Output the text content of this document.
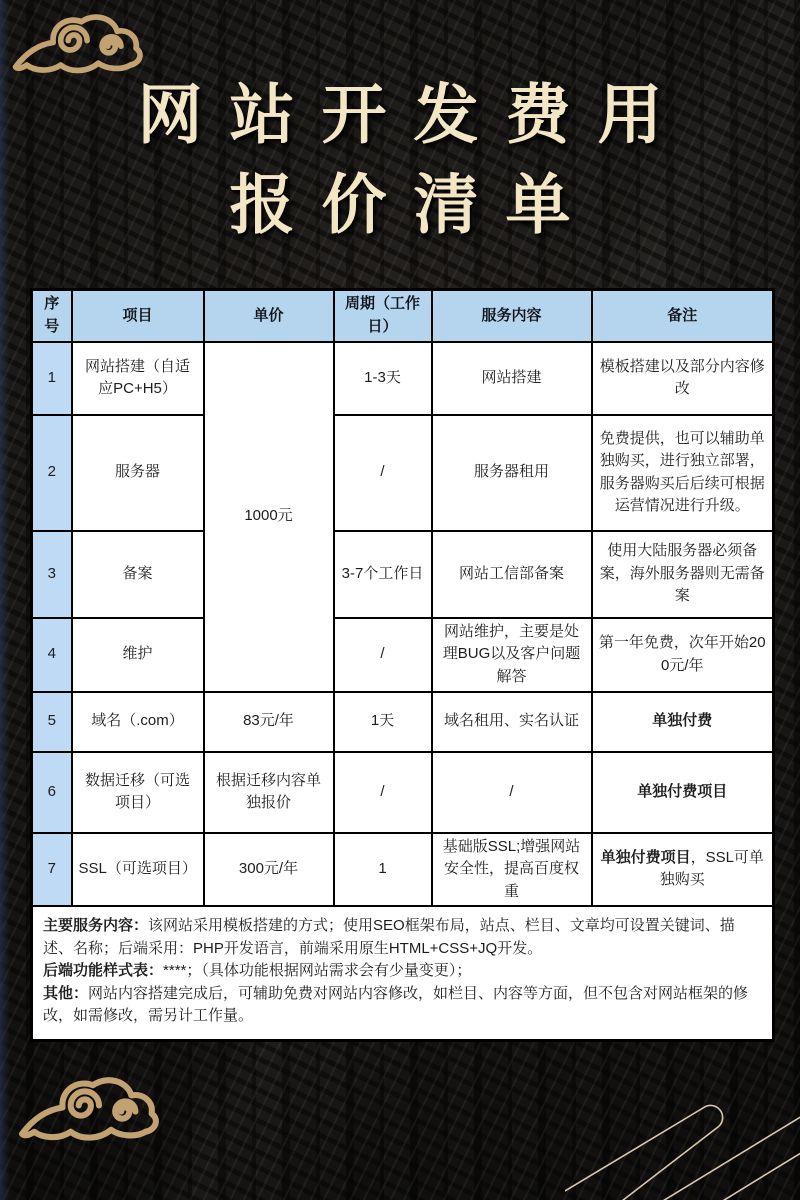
网站开发费用
报价清单
序号	项目	单价	周期（工作日）	服务内容	备注
1	网站搭建（自适应PC+H5）	1000元	1-3天	网站搭建	模板搭建以及部分内容修改
2	服务器		/	服务器租用	免费提供，也可以辅助单独购买，进行独立部署，服务器购买后后续可根据运营情况进行升级。
3	备案		3-7个工作日	网站工信部备案	使用大陆服务器必须备案，海外服务器则无需备案
4	维护		/	网站维护，主要是处理BUG以及客户问题解答	第一年免费，次年开始200元/年
5	域名（.com）	83元/年	1天	域名租用、实名认证	单独付费
6	数据迁移（可选项目）	根据迁移内容单独报价	/	/	单独付费项目
7	SSL（可选项目）	300元/年	1	基础版SSL;增强网站安全性，提高百度权重	单独付费项目，SSL可单独购买

主要服务内容：该网站采用模板搭建的方式；使用SEO框架布局，站点、栏目、文章均可设置关键词、描述、名称；后端采用：PHP开发语言，前端采用原生HTML+CSS+JQ开发。

后端功能样式表：****；（具体功能根据网站需求会有少量变更）；

其他：网站内容搭建完成后，可辅助免费对网站内容修改，如栏目、内容等方面，但不包含对网站框架的修改，如需修改，需另计工作量。					
